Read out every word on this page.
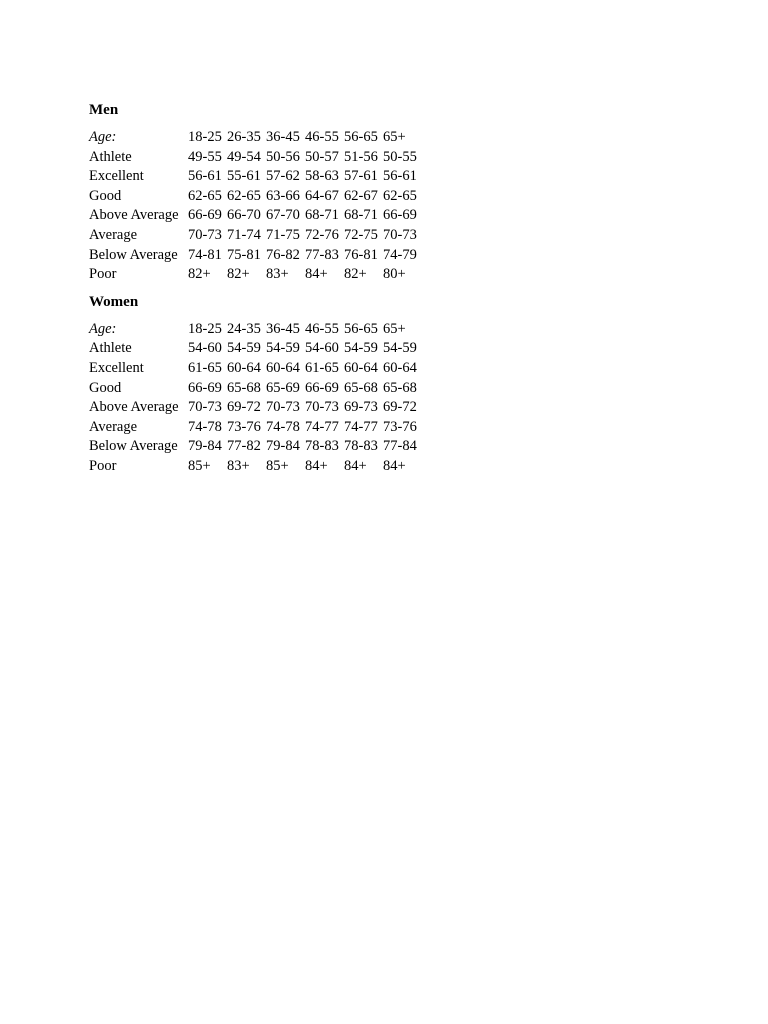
Men
Age:	18-25	26-35	36-45	46-55	56-65	65+
Athlete	49-55	49-54	50-56	50-57	51-56	50-55
Excellent	56-61	55-61	57-62	58-63	57-61	56-61
Good	62-65	62-65	63-66	64-67	62-67	62-65
Above Average	66-69	66-70	67-70	68-71	68-71	66-69
Average	70-73	71-74	71-75	72-76	72-75	70-73
Below Average	74-81	75-81	76-82	77-83	76-81	74-79
Poor	82+	82+	83+	84+	82+	80+
Women
Age:	18-25	24-35	36-45	46-55	56-65	65+
Athlete	54-60	54-59	54-59	54-60	54-59	54-59
Excellent	61-65	60-64	60-64	61-65	60-64	60-64
Good	66-69	65-68	65-69	66-69	65-68	65-68
Above Average	70-73	69-72	70-73	70-73	69-73	69-72
Average	74-78	73-76	74-78	74-77	74-77	73-76
Below Average	79-84	77-82	79-84	78-83	78-83	77-84
Poor	85+	83+	85+	84+	84+	84+
